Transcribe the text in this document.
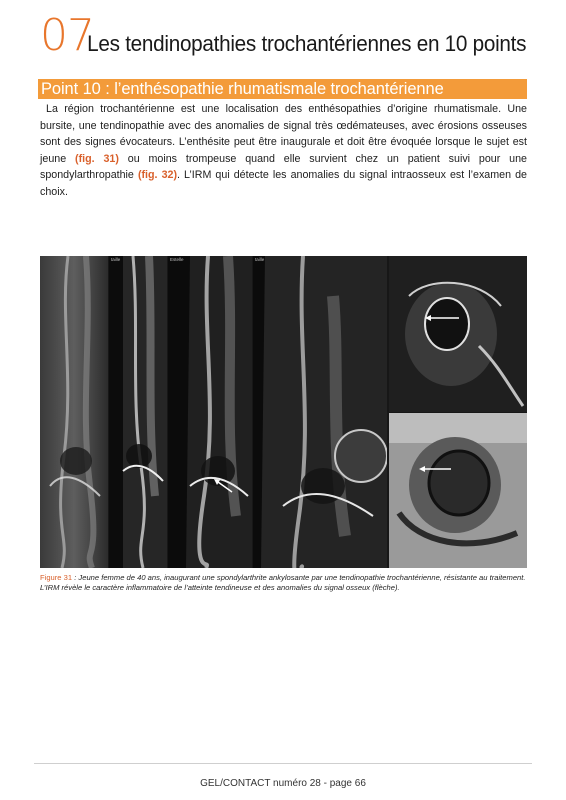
07
Les tendinopathies trochantériennes en 10 points
Point 10 : l’enthésopathie rhumatismale trochantérienne

La région trochantérienne est une localisation des enthésopathies d’origine rhumatismale. Une bursite, une tendinopathie avec des anomalies de signal très œdémateuses, avec érosions osseuses sont des signes évocateurs. L’enthésite peut être inaugurale et doit être évoquée lorsque le sujet est jeune (fig. 31) ou moins trompeuse quand elle survient chez un patient suivi pour une spondylarthropathie (fig. 32). L’IRM qui détecte les anomalies du signal intraosseux est l’examen de choix.

taille	Estelle	taille
Figure 31 : Jeune femme de 40 ans, inaugurant une spondylarthrite ankylosante par une tendinopathie trochantérienne, résistante au traitement. L’IRM révèle le caractère inflammatoire de l’atteinte tendineuse et des anomalies du signal osseux (flèche).
GEL/CONTACT numéro 28 - page 66
